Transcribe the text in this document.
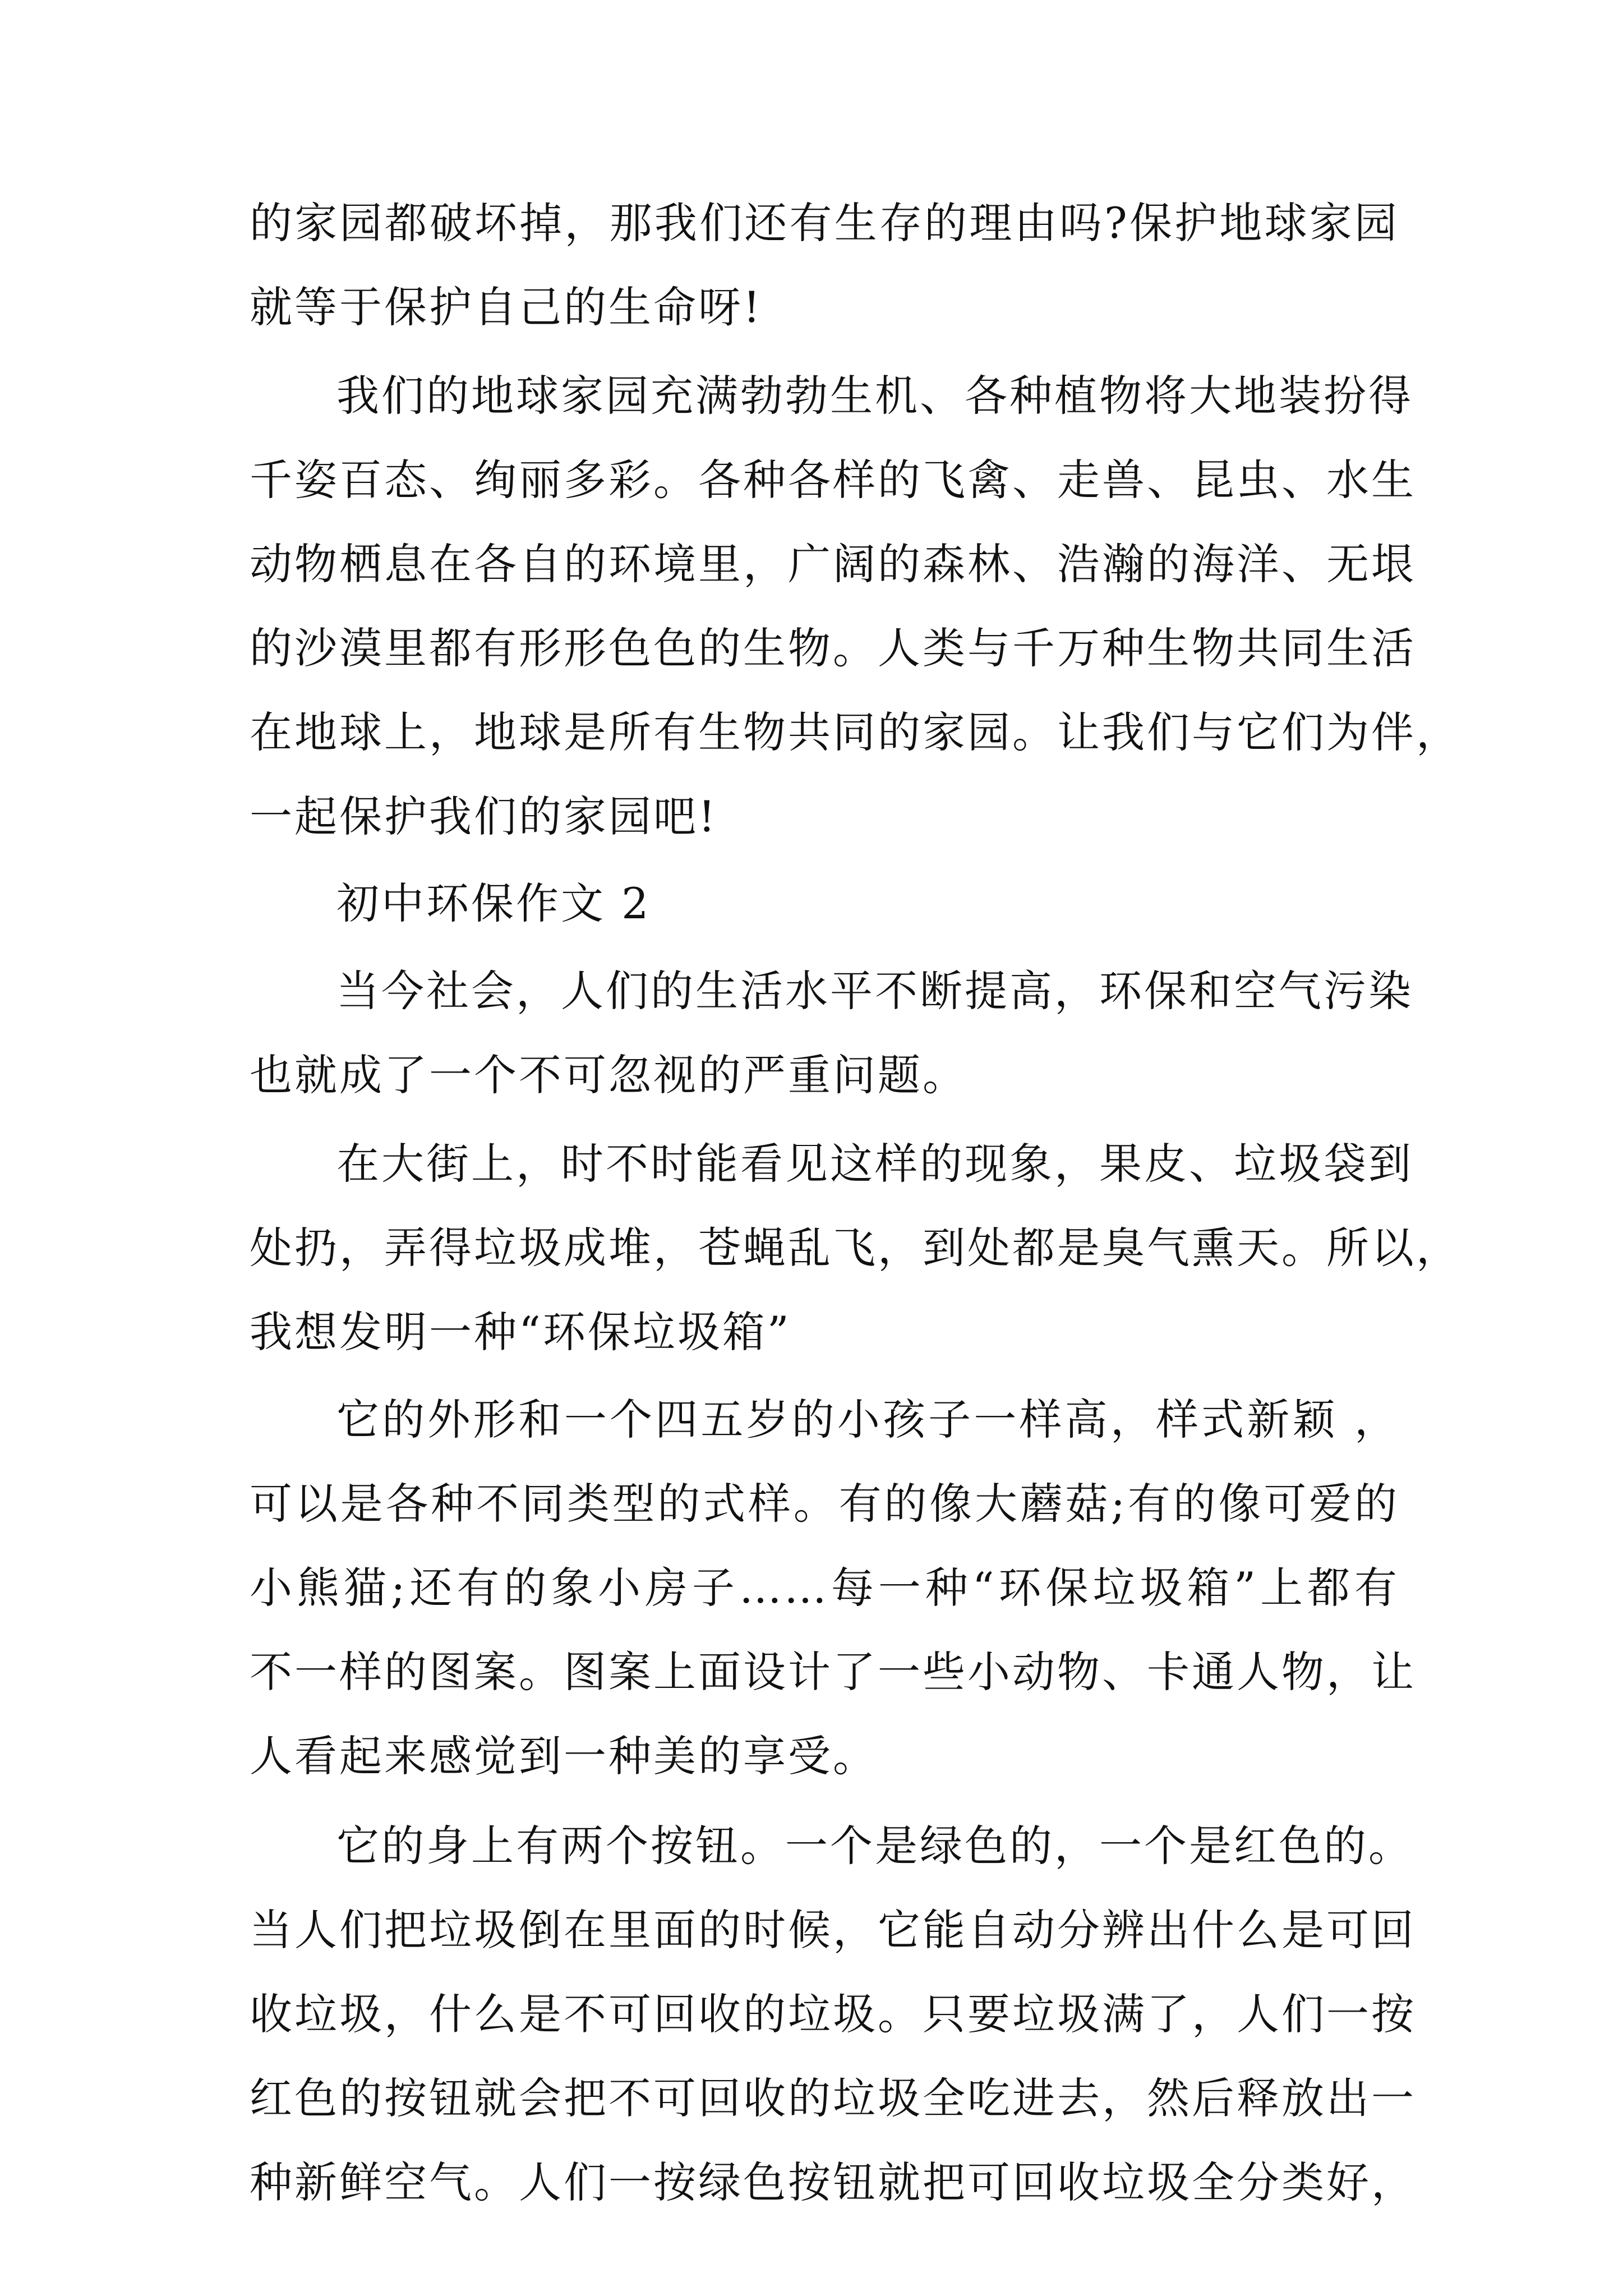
的家园都破坏掉，那我们还有生存的理由吗?保护地球家园
就等于保护自己的生命呀!
我们的地球家园充满勃勃生机、各种植物将大地装扮得
千姿百态、绚丽多彩。各种各样的飞禽、走兽、昆虫、水生
动物栖息在各自的环境里，广阔的森林、浩瀚的海洋、无垠
的沙漠里都有形形色色的生物。人类与千万种生物共同生活
在地球上，地球是所有生物共同的家园。让我们与它们为伴，
一起保护我们的家园吧!
初中环保作文 2
当今社会，人们的生活水平不断提高，环保和空气污染
也就成了一个不可忽视的严重问题。
在大街上，时不时能看见这样的现象，果皮、垃圾袋到
处扔，弄得垃圾成堆，苍蝇乱飞，到处都是臭气熏天。所以，
我想发明一种“环保垃圾箱”
它的外形和一个四五岁的小孩子一样高，样式新颖 ，
可以是各种不同类型的式样。有的像大蘑菇;有的像可爱的
小熊猫;还有的象小房子……每一种“环保垃圾箱”上都有
不一样的图案。图案上面设计了一些小动物、卡通人物，让
人看起来感觉到一种美的享受。
它的身上有两个按钮。一个是绿色的，一个是红色的。
当人们把垃圾倒在里面的时候，它能自动分辨出什么是可回
收垃圾，什么是不可回收的垃圾。只要垃圾满了，人们一按
红色的按钮就会把不可回收的垃圾全吃进去，然后释放出一
种新鲜空气。人们一按绿色按钮就把可回收垃圾全分类好，
